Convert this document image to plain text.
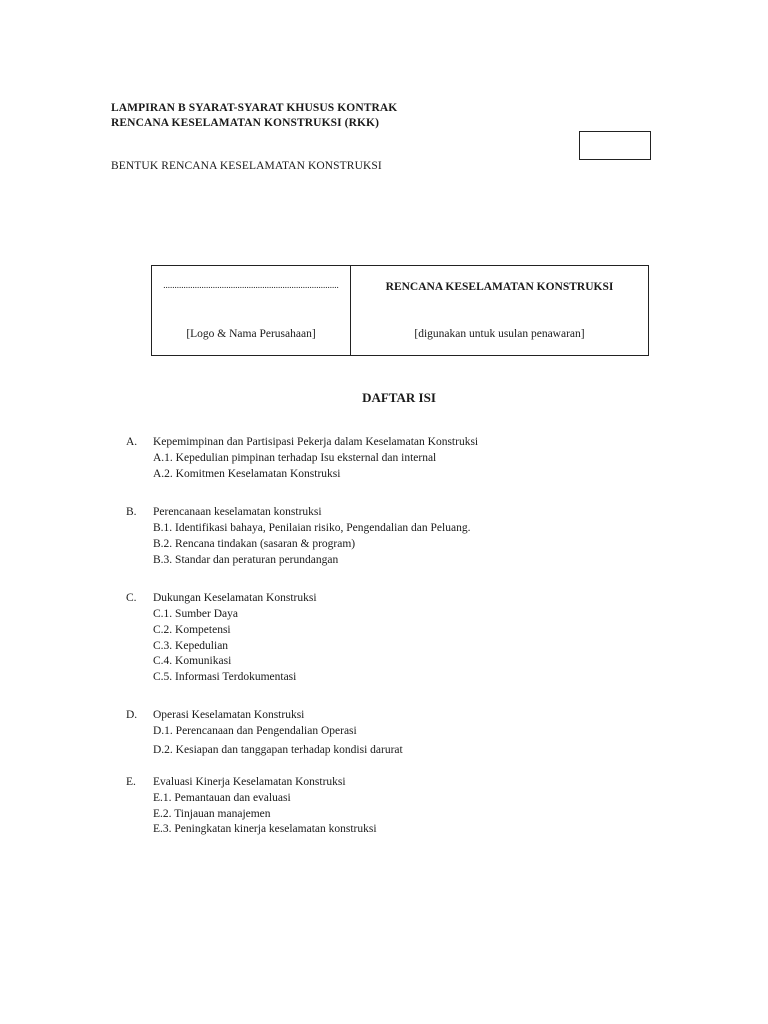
LAMPIRAN B SYARAT-SYARAT KHUSUS KONTRAK
RENCANA KESELAMATAN KONSTRUKSI (RKK)
BENTUK RENCANA KESELAMATAN KONSTRUKSI
..............................................................................
[Logo & Nama Perusahaan]
RENCANA KESELAMATAN KONSTRUKSI
[digunakan untuk usulan penawaran]
DAFTAR ISI
A. Kepemimpinan dan Partisipasi Pekerja dalam Keselamatan Konstruksi
A.1. Kepedulian pimpinan terhadap Isu eksternal dan internal
A.2. Komitmen Keselamatan Konstruksi
B. Perencanaan keselamatan konstruksi
B.1. Identifikasi bahaya, Penilaian risiko, Pengendalian dan Peluang.
B.2. Rencana tindakan (sasaran & program)
B.3. Standar dan peraturan perundangan
C. Dukungan Keselamatan Konstruksi
C.1. Sumber Daya
C.2. Kompetensi
C.3. Kepedulian
C.4. Komunikasi
C.5. Informasi Terdokumentasi
D. Operasi Keselamatan Konstruksi
D.1. Perencanaan dan Pengendalian Operasi
D.2. Kesiapan dan tanggapan terhadap kondisi darurat
E. Evaluasi Kinerja Keselamatan Konstruksi
E.1. Pemantauan dan evaluasi
E.2. Tinjauan manajemen
E.3. Peningkatan kinerja keselamatan konstruksi
